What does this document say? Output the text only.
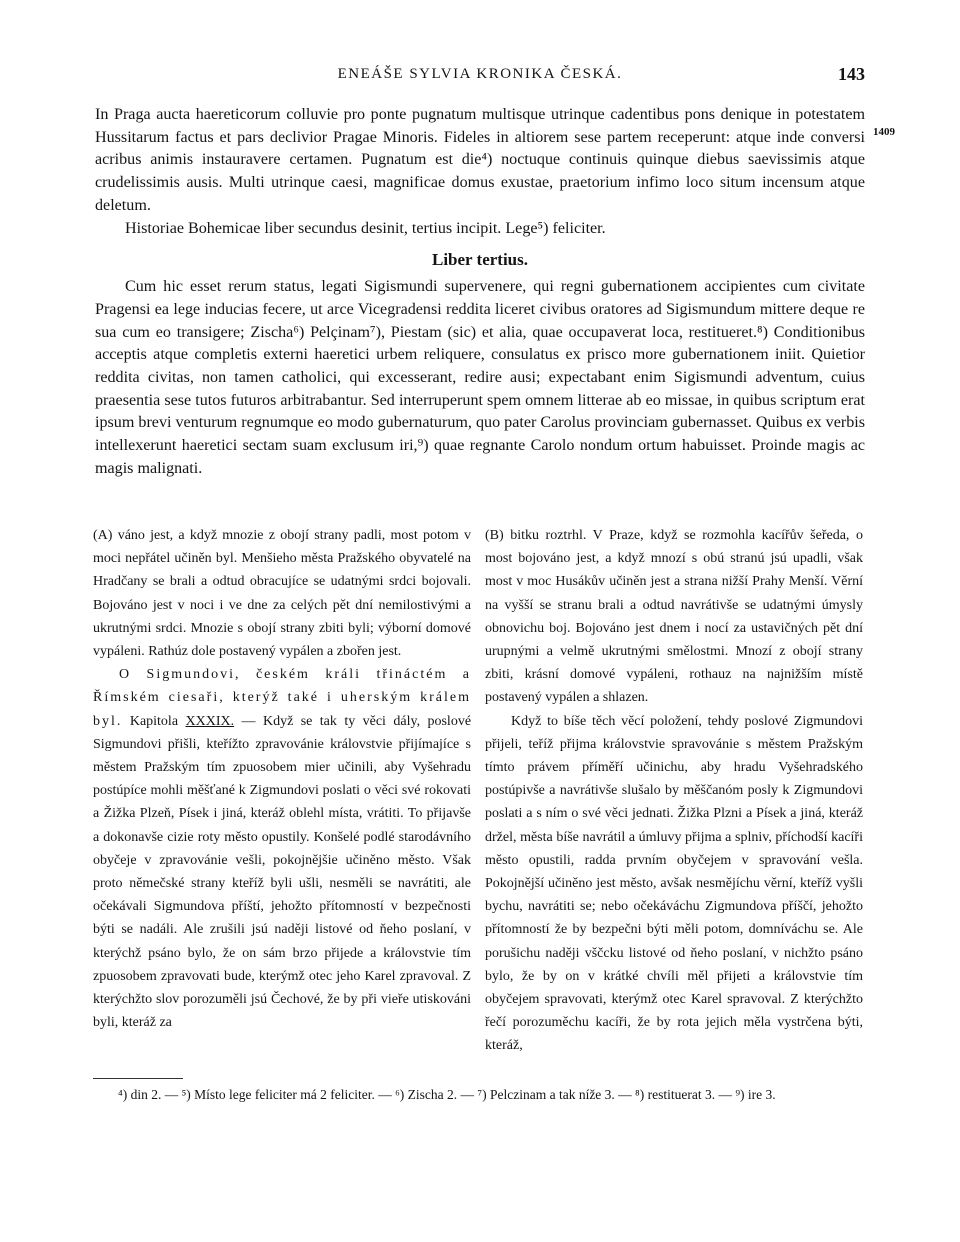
ENEÁŠE SYLVIA KRONIKA ČESKÁ.	143
1409

In Praga aucta haereticorum colluvie pro ponte pugnatum multisque utrinque cadentibus pons denique in potestatem Hussitarum factus et pars declivior Pragae Minoris. Fideles in altiorem sese partem receperunt: atque inde conversi acribus animis instauravere certamen. Pugnatum est die⁴) noctuque continuis quinque diebus saevissimis atque crudelissimis ausis. Multi utrinque caesi, magnificae domus exustae, praetorium infimo loco situm incensum atque deletum.

Historiae Bohemicae liber secundus desinit, tertius incipit. Lege⁵) feliciter.

Liber tertius.

Cum hic esset rerum status, legati Sigismundi supervenere, qui regni gubernationem accipientes cum civitate Pragensi ea lege inducias fecere, ut arce Vicegradensi reddita liceret civibus oratores ad Sigismundum mittere deque re sua cum eo transigere; Zischa⁶) Pelçinam⁷), Piestam (sic) et alia, quae occupaverat loca, restitueret.⁸) Conditionibus acceptis atque completis externi haeretici urbem reliquere, consulatus ex prisco more gubernationem iniit. Quietior reddita civitas, non tamen catholici, qui excesserant, redire ausi; expectabant enim Sigismundi adventum, cuius praesentia sese tutos futuros arbitrabantur. Sed interruperunt spem omnem litterae ab eo missae, in quibus scriptum erat ipsum brevi venturum regnumque eo modo gubernaturum, quo pater Carolus provinciam gubernasset. Quibus ex verbis intellexerunt haeretici sectam suam exclusum iri,⁹) quae regnante Carolo nondum ortum habuisset. Proinde magis ac magis malignati.

(A) váno jest, a když mnozie z obojí strany padli, most potom v moci nepřátel učiněn byl. Menšieho města Pražského obyvatelé na Hradčany se brali a odtud obracujíce se udatnými srdci bojovali. Bojováno jest v noci i ve dne za celých pět dní nemilostivými a ukrutnými srdci. Mnozie s obojí strany zbiti byli; výborní domové vypáleni. Rathúz dole postavený vypálen a zbořen jest.

O Sigmundovi, českém králi třináctém a Římském ciesaři, kterýž také i uherským králem byl. Kapitola XXXIX. — Když se tak ty věci dály, poslové Sigmundovi přišli, kteřížto zpravovánie královstvie přijímajíce s městem Pražským tím zpuosobem mier učinili, aby Vyšehradu postúpíce mohli měšťané k Zigmundovi poslati o věci své rokovati a Žižka Plzeň, Písek i jiná, kteráž oblehl místa, vrátiti. To přijavše a dokonavše cizie roty město opustily. Konšelé podlé starodávního obyčeje v zpravovánie vešli, pokojnějšie učiněno město. Však proto němečské strany kteříž byli ušli, nesměli se navrátiti, ale očekávali Sigmundova příští, jehožto přítomností v bezpečnosti býti se nadáli. Ale zrušili jsú naději listové od ňeho poslaní, v kterýchž psáno bylo, že on sám brzo přijede a královstvie tím zpuosobem zpravovati bude, kterýmž otec jeho Karel zpravoval. Z kterýchžto slov porozuměli jsú Čechové, že by při vieře utiskováni byli, kteráž za

(B) bitku roztrhl. V Praze, když se rozmohla kacířův šeředa, o most bojováno jest, a když mnozí s obú stranú jsú upadli, však most v moc Husákův učiněn jest a strana nižší Prahy Menší. Věrní na vyšší se stranu brali a odtud navrátivše se udatnými úmysly obnovichu boj. Bojováno jest dnem i nocí za ustavičných pět dní urupnými a velmě ukrutnými smělostmi. Mnozí z obojí strany zbiti, krásní domové vypáleni, rothauz na najnižším místě postavený vypálen a shlazen.

Když to bíše těch věcí položení, tehdy poslové Zigmundovi přijeli, teříž přijma královstvie spravovánie s městem Pražským tímto právem příměří učinichu, aby hradu Vyšehradského postúpivše a navrátivše slušalo by měščanóm posly k Zigmundovi poslati a s ním o své věci jednati. Žižka Plzni a Písek a jiná, kteráž držel, města bíše navrátil a úmluvy přijma a splniv, příchodší kacíři město opustili, radda prvním obyčejem v spravování vešla. Pokojnější učiněno jest město, avšak nesmějíchu věrní, kteříž vyšli bychu, navrátiti se; nebo očekáváchu Zigmundova příščí, jehožto přítomností že by bezpečni býti měli potom, domníváchu se. Ale porušichu naději vščcku listové od ňeho poslaní, v nichžto psáno bylo, že by on v krátké chvíli měl přijeti a královstvie tím obyčejem spravovati, kterýmž otec Karel spravoval. Z kterýchžto řečí porozuměchu kacíři, že by rota jejich měla vystrčena býti, kteráž,

⁴) din 2. — ⁵) Místo lege feliciter má 2 feliciter. — ⁶) Zischa 2. — ⁷) Pelczinam a tak níže 3. — ⁸) restituerat 3. — ⁹) ire 3.
